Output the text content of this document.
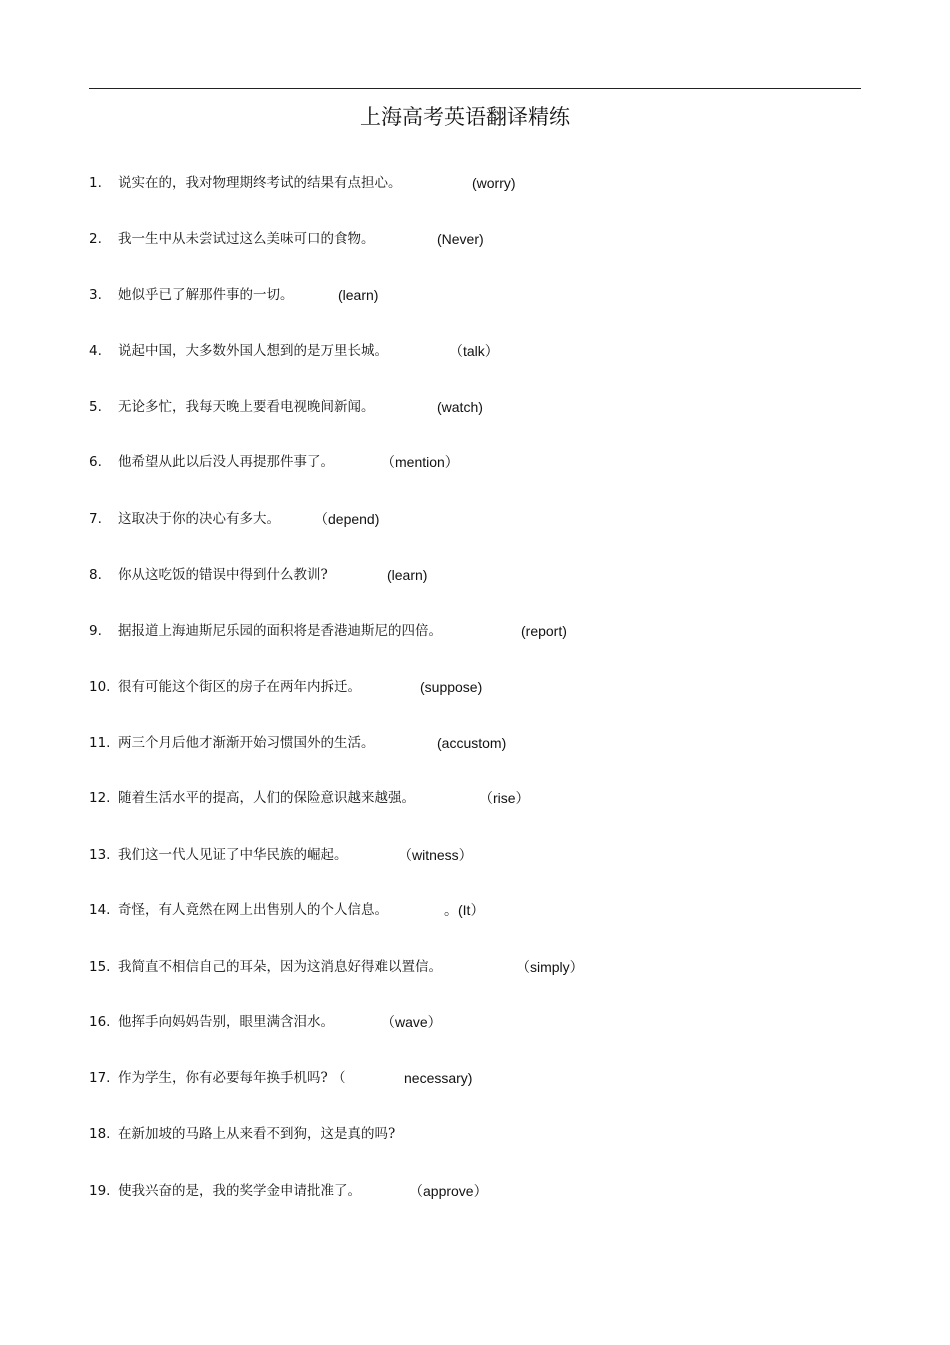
上海高考英语翻译精练
1. 说实在的，我对物理期终考试的结果有点担心。	(worry)
2. 我一生中从未尝试过这么美味可口的食物。	(Never)
3. 她似乎已了解那件事的一切。	(learn)
4. 说起中国，大多数外国人想到的是万里长城。	（talk）
5. 无论多忙，我每天晚上要看电视晚间新闻。	(watch)
6. 他希望从此以后没人再提那件事了。	（mention）
7. 这取决于你的决心有多大。 （depend)
8. 你从这吃饭的错误中得到什么教训?	(learn)
9. 据报道上海迪斯尼乐园的面积将是香港迪斯尼的四倍。	(report)
10. 很有可能这个街区的房子在两年内拆迁。	(suppose)
11. 两三个月后他才渐渐开始习惯国外的生活。	(accustom)
12. 随着生活水平的提高，人们的保险意识越来越强。	（rise）
13. 我们这一代人见证了中华民族的崛起。	（witness）
14. 奇怪，有人竟然在网上出售别人的个人信息。	。(It）
15. 我简直不相信自己的耳朵，因为这消息好得难以置信。	（simply）
16. 他挥手向妈妈告别，眼里满含泪水。	（wave）
17. 作为学生，你有必要每年换手机吗? （	necessary)
18. 在新加坡的马路上从来看不到狗，这是真的吗?
19. 使我兴奋的是，我的奖学金申请批准了。	（approve）
